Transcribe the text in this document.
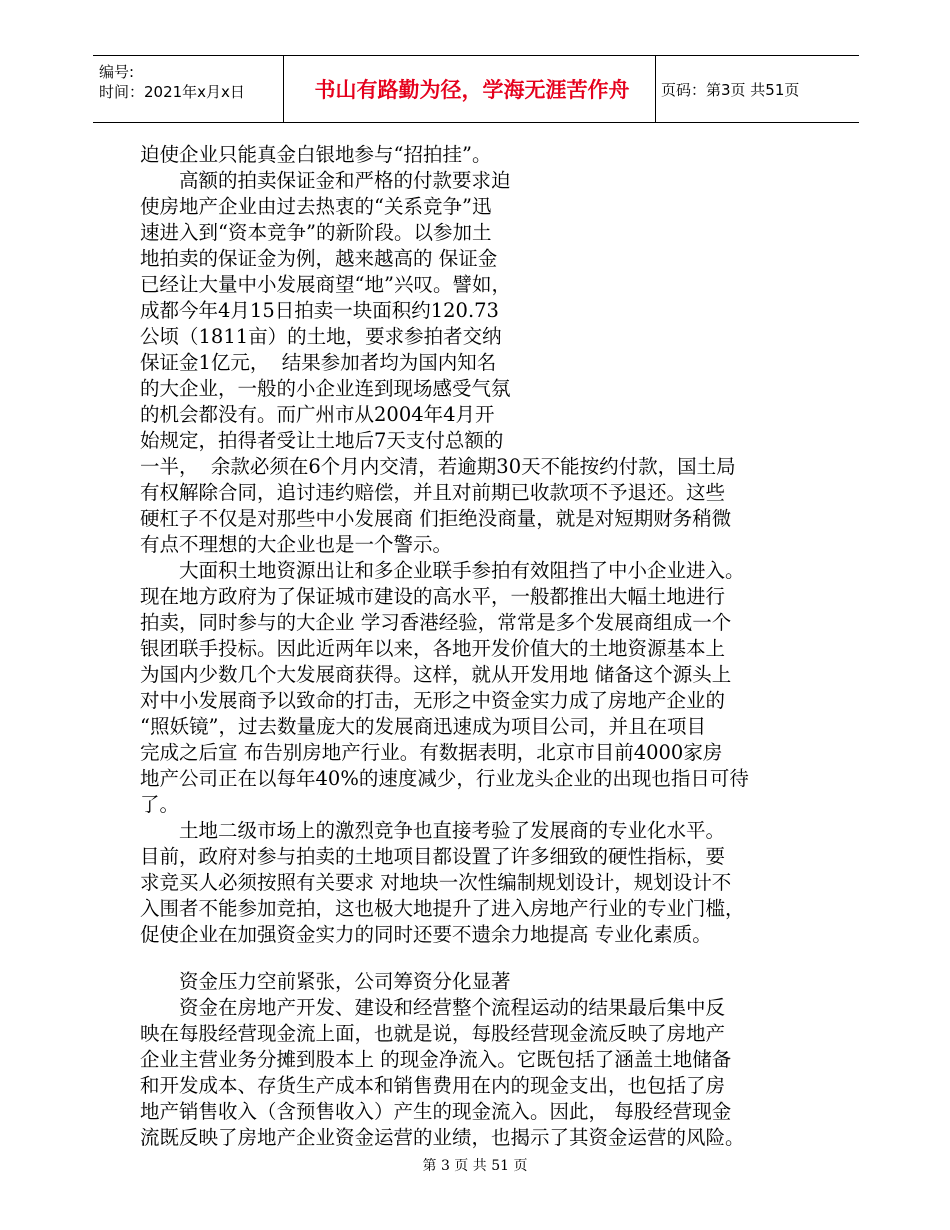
编号:
时间：2021年x月x日	书山有路勤为径，学海无涯苦作舟	页码：第3页 共51页
迫使企业只能真金白银地参与“招拍挂”。
　　高额的拍卖保证金和严格的付款要求迫
使房地产企业由过去热衷的“关系竞争”迅
速进入到“资本竞争”的新阶段。以参加土
地拍卖的保证金为例，越来越高的 保证金
已经让大量中小发展商望“地”兴叹。譬如，
成都今年4月15日拍卖一块面积约120.73
公顷（1811亩）的土地，要求参拍者交纳
保证金1亿元，  结果参加者均为国内知名
的大企业，一般的小企业连到现场感受气氛
的机会都没有。而广州市从2004年4月开
始规定，拍得者受让土地后7天支付总额的
一半，  余款必须在6个月内交清，若逾期30天不能按约付款，国土局
有权解除合同，追讨违约赔偿，并且对前期已收款项不予退还。这些
硬杠子不仅是对那些中小发展商 们拒绝没商量，就是对短期财务稍微
有点不理想的大企业也是一个警示。
　　大面积土地资源出让和多企业联手参拍有效阻挡了中小企业进入。
现在地方政府为了保证城市建设的高水平，一般都推出大幅土地进行
拍卖，同时参与的大企业 学习香港经验，常常是多个发展商组成一个
银团联手投标。因此近两年以来，各地开发价值大的土地资源基本上
为国内少数几个大发展商获得。这样，就从开发用地 储备这个源头上
对中小发展商予以致命的打击，无形之中资金实力成了房地产企业的
“照妖镜”，过去数量庞大的发展商迅速成为项目公司，并且在项目
完成之后宣 布告别房地产行业。有数据表明，北京市目前4000家房
地产公司正在以每年40%的速度减少，行业龙头企业的出现也指日可待
了。
　　土地二级市场上的激烈竞争也直接考验了发展商的专业化水平。
目前，政府对参与拍卖的土地项目都设置了许多细致的硬性指标，要
求竞买人必须按照有关要求 对地块一次性编制规划设计，规划设计不
入围者不能参加竞拍，这也极大地提升了进入房地产行业的专业门槛，
促使企业在加强资金实力的同时还要不遗余力地提高 专业化素质。
　　资金压力空前紧张，公司筹资分化显著
　　资金在房地产开发、建设和经营整个流程运动的结果最后集中反
映在每股经营现金流上面，也就是说，每股经营现金流反映了房地产
企业主营业务分摊到股本上 的现金净流入。它既包括了涵盖土地储备
和开发成本、存货生产成本和销售费用在内的现金支出，也包括了房
地产销售收入（含预售收入）产生的现金流入。因此， 每股经营现金
流既反映了房地产企业资金运营的业绩，也揭示了其资金运营的风险。
第 3 页 共 51 页
